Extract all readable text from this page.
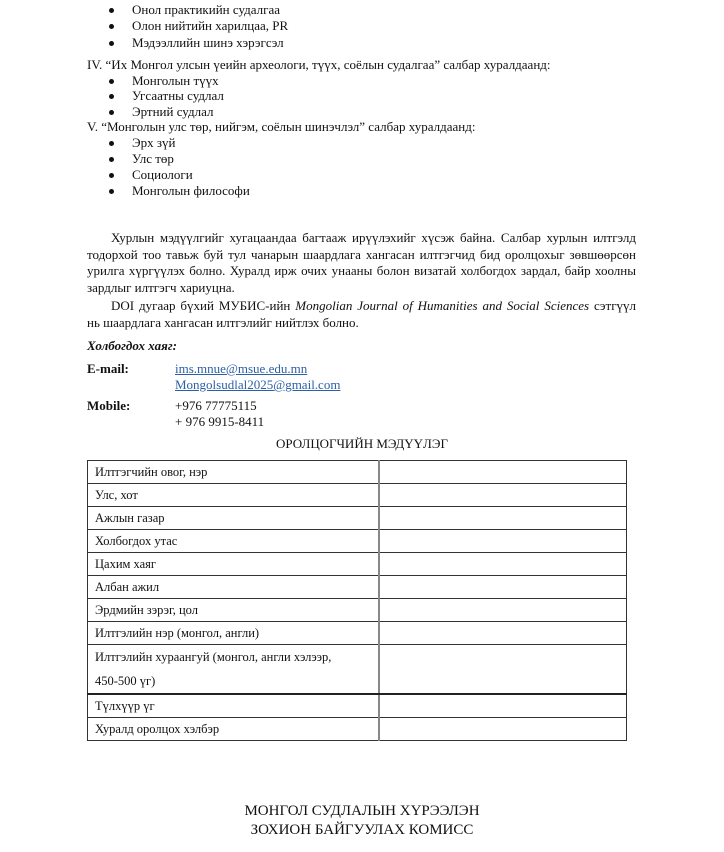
Онол практикийн судалгаа
Олон нийтийн харилцаа, PR
Мэдээллийн шинэ хэрэгсэл
IV. “Их Монгол улсын үеийн археологи, түүх, соёлын судалгаа” салбар хуралдаанд:
Монголын түүх
Угсаатны судлал
Эртний судлал
V. “Монголын улс төр, нийгэм, соёлын шинэчлэл” салбар хуралдаанд:
Эрх зүй
Улс төр
Социологи
Монголын философи
Хурлын мэдүүлгийг хугацаандаа багтааж ирүүлэхийг хүсэж байна. Салбар хурлын илтгэлд
тодорхой тоо тавьж буй тул чанарын шаардлага хангасан илтгэгчид бид оролцохыг зөвшөөрсөн
урилга хүргүүлэх болно. Хуралд ирж очих унааны болон визатай холбогдох зардал, байр хоолны
зардлыг илтгэгч хариуцна.
DOI дугаар бүхий МУБИС-ийн Mongolian Journal of Humanities and Social Sciences сэтгүүл
нь шаардлага хангасан илтгэлийг нийтлэх болно.
Холбогдох хаяг:
E-mail:	ims.mnue@msue.edu.mn
Mongolsudlal2025@gmail.com
Mobile:	+976 77775115
+ 976 9915-8411
ОРОЛЦОГЧИЙН МЭДҮҮЛЭГ
Илтгэгчийн овог, нэр	
Улс, хот	
Ажлын газар	
Холбогдох утас	
Цахим хаяг	
Албан ажил	
Эрдмийн зэрэг, цол	
Илтгэлийн нэр (монгол, англи)	
Илтгэлийн хураангуй (монгол, англи хэлээр,
450-500 үг)	
Түлхүүр үг	
Хуралд оролцох хэлбэр	
МОНГОЛ СУДЛАЛЫН ХҮРЭЭЛЭН
ЗОХИОН БАЙГУУЛАХ КОМИСС
